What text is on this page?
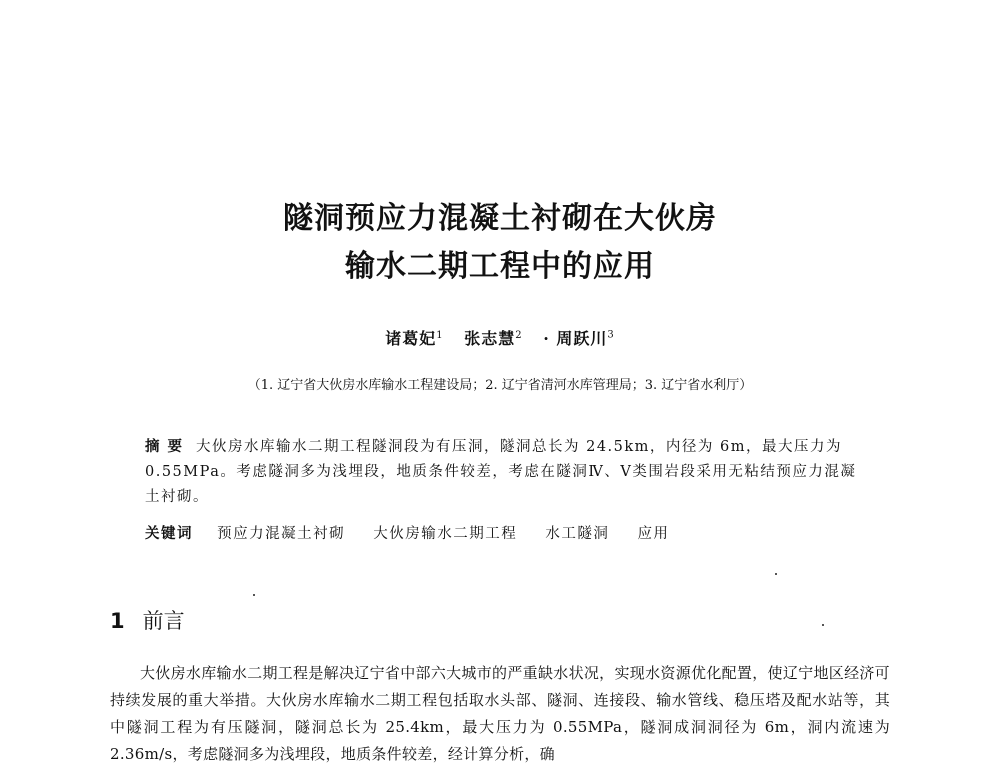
隧洞预应力混凝土衬砌在大伙房
输水二期工程中的应用
诸葛妃$^1$ 张志慧$^2$ · 周跃川$^3$
（1. 辽宁省大伙房水库输水工程建设局；2. 辽宁省清河水库管理局；3. 辽宁省水利厅）
摘要 大伙房水库输水二期工程隧洞段为有压洞，隧洞总长为 24.5km，内径为 6m，最大压力为 0.55MPa。考虑隧洞多为浅埋段，地质条件较差，考虑在隧洞Ⅳ、Ⅴ类围岩段采用无粘结预应力混凝土衬砌。
关键词 预应力混凝土衬砌 大伙房输水二期工程 水工隧洞 应用
1 前言
大伙房水库输水二期工程是解决辽宁省中部六大城市的严重缺水状况，实现水资源优化配置，使辽宁地区经济可持续发展的重大举措。大伙房水库输水二期工程包括取水头部、隧洞、连接段、输水管线、稳压塔及配水站等，其中隧洞工程为有压隧洞，隧洞总长为 25.4km，最大压力为 0.55MPa，隧洞成洞洞径为 6m，洞内流速为 2.36m/s，考虑隧洞多为浅埋段，地质条件较差，经计算分析，确
